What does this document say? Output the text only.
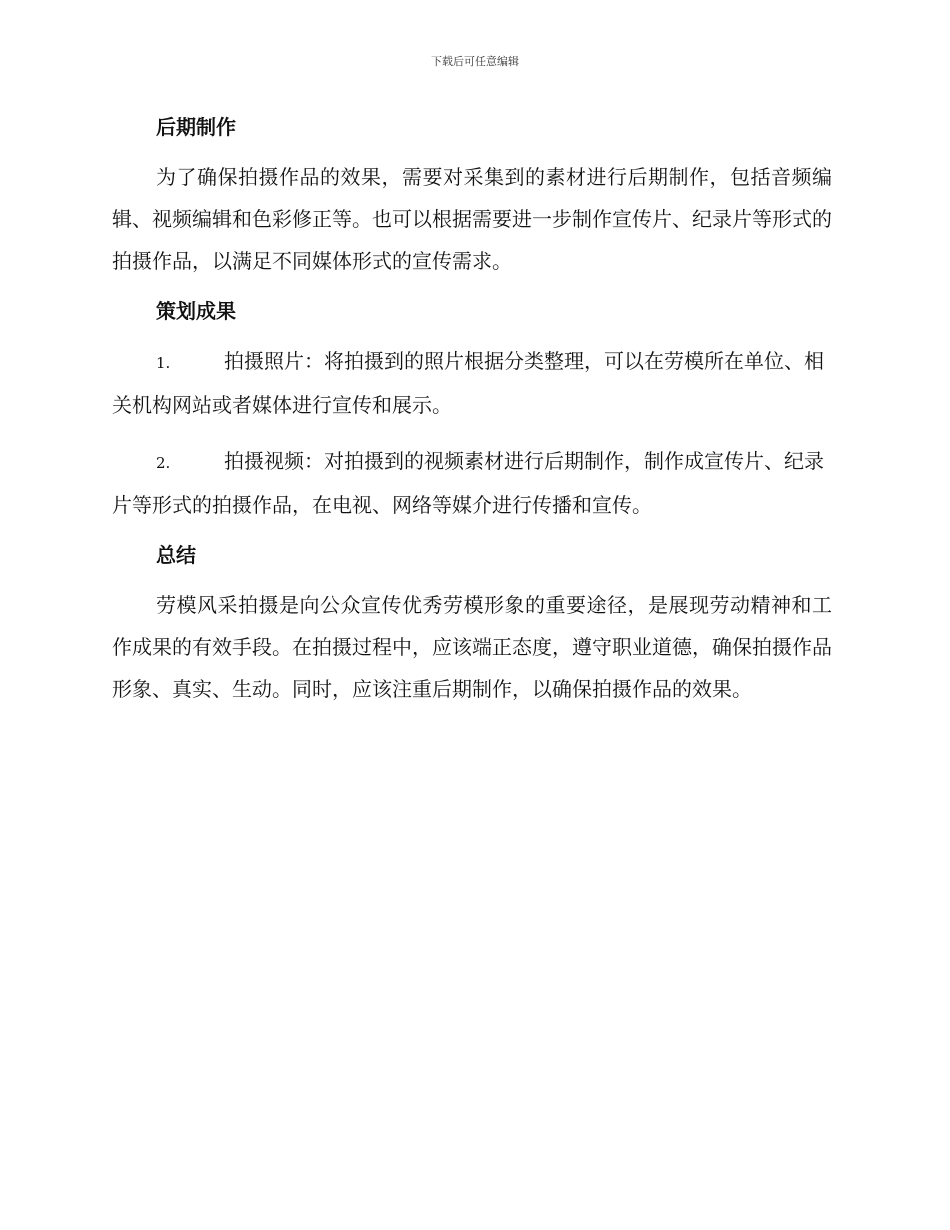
下载后可任意编辑
后期制作

为了确保拍摄作品的效果，需要对采集到的素材进行后期制作，包括音频编辑、视频编辑和色彩修正等。也可以根据需要进一步制作宣传片、纪录片等形式的拍摄作品，以满足不同媒体形式的宣传需求。

策划成果

1.	拍摄照片：将拍摄到的照片根据分类整理，可以在劳模所在单位、相关机构网站或者媒体进行宣传和展示。

2.	拍摄视频：对拍摄到的视频素材进行后期制作，制作成宣传片、纪录片等形式的拍摄作品，在电视、网络等媒介进行传播和宣传。

总结

劳模风采拍摄是向公众宣传优秀劳模形象的重要途径，是展现劳动精神和工作成果的有效手段。在拍摄过程中，应该端正态度，遵守职业道德，确保拍摄作品形象、真实、生动。同时，应该注重后期制作，以确保拍摄作品的效果。
